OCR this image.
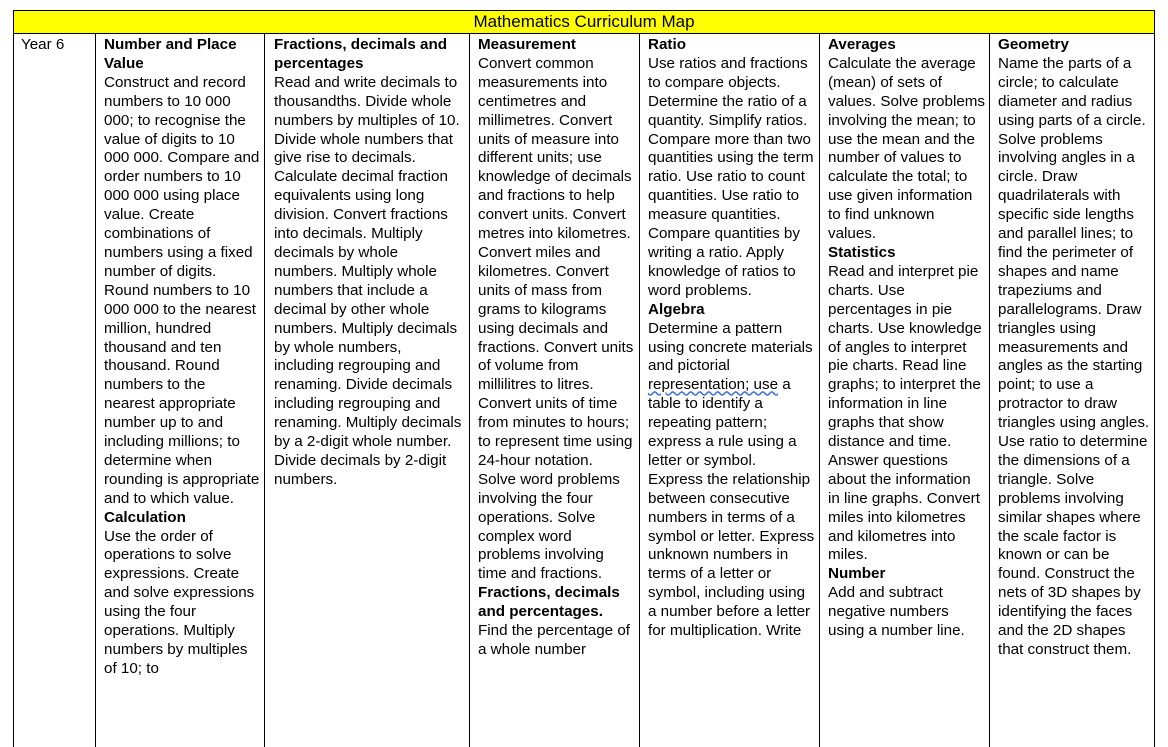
Mathematics Curriculum Map
Year 6	Number and Place Value
Construct and record numbers to 10 000 000; to recognise the value of digits to 10 000 000. Compare and order numbers to 10 000 000 using place value. Create combinations of numbers using a fixed number of digits. Round numbers to 10 000 000 to the nearest million, hundred thousand and ten thousand. Round numbers to the nearest appropriate number up to and including millions; to determine when rounding is appropriate and to which value.
Calculation
Use the order of operations to solve expressions. Create and solve expressions using the four operations. Multiply numbers by multiples of 10; to
Fractions, decimals and percentages
Read and write decimals to thousandths. Divide whole numbers by multiples of 10. Divide whole numbers that give rise to decimals. Calculate decimal fraction equivalents using long division. Convert fractions into decimals. Multiply decimals by whole numbers. Multiply whole numbers that include a decimal by other whole numbers. Multiply decimals by whole numbers, including regrouping and renaming. Divide decimals including regrouping and renaming. Multiply decimals by a 2-digit whole number. Divide decimals by 2-digit numbers.
Measurement
Convert common measurements into centimetres and millimetres. Convert units of measure into different units; use knowledge of decimals and fractions to help convert units. Convert metres into kilometres. Convert miles and kilometres. Convert units of mass from grams to kilograms using decimals and fractions. Convert units of volume from millilitres to litres. Convert units of time from minutes to hours; to represent time using 24-hour notation. Solve word problems involving the four operations. Solve complex word problems involving time and fractions.
Fractions, decimals and percentages.
Find the percentage of a whole number
Ratio
Use ratios and fractions to compare objects. Determine the ratio of a quantity. Simplify ratios. Compare more than two quantities using the term ratio. Use ratio to count quantities. Use ratio to measure quantities. Compare quantities by writing a ratio. Apply knowledge of ratios to word problems.
Algebra
Determine a pattern using concrete materials and pictorial representation; use a table to identify a repeating pattern; express a rule using a letter or symbol. Express the relationship between consecutive numbers in terms of a symbol or letter. Express unknown numbers in terms of a letter or symbol, including using a number before a letter for multiplication. Write
Averages
Calculate the average (mean) of sets of values. Solve problems involving the mean; to use the mean and the number of values to calculate the total; to use given information to find unknown values.
Statistics
Read and interpret pie charts. Use percentages in pie charts. Use knowledge of angles to interpret pie charts. Read line graphs; to interpret the information in line graphs that show distance and time. Answer questions about the information in line graphs. Convert miles into kilometres and kilometres into miles.
Number
Add and subtract negative numbers using a number line.
Geometry
Name the parts of a circle; to calculate diameter and radius using parts of a circle. Solve problems involving angles in a circle. Draw quadrilaterals with specific side lengths and parallel lines; to find the perimeter of shapes and name trapeziums and parallelograms. Draw triangles using measurements and angles as the starting point; to use a protractor to draw triangles using angles. Use ratio to determine the dimensions of a triangle. Solve problems involving similar shapes where the scale factor is known or can be found. Construct the nets of 3D shapes by identifying the faces and the 2D shapes that construct them.
